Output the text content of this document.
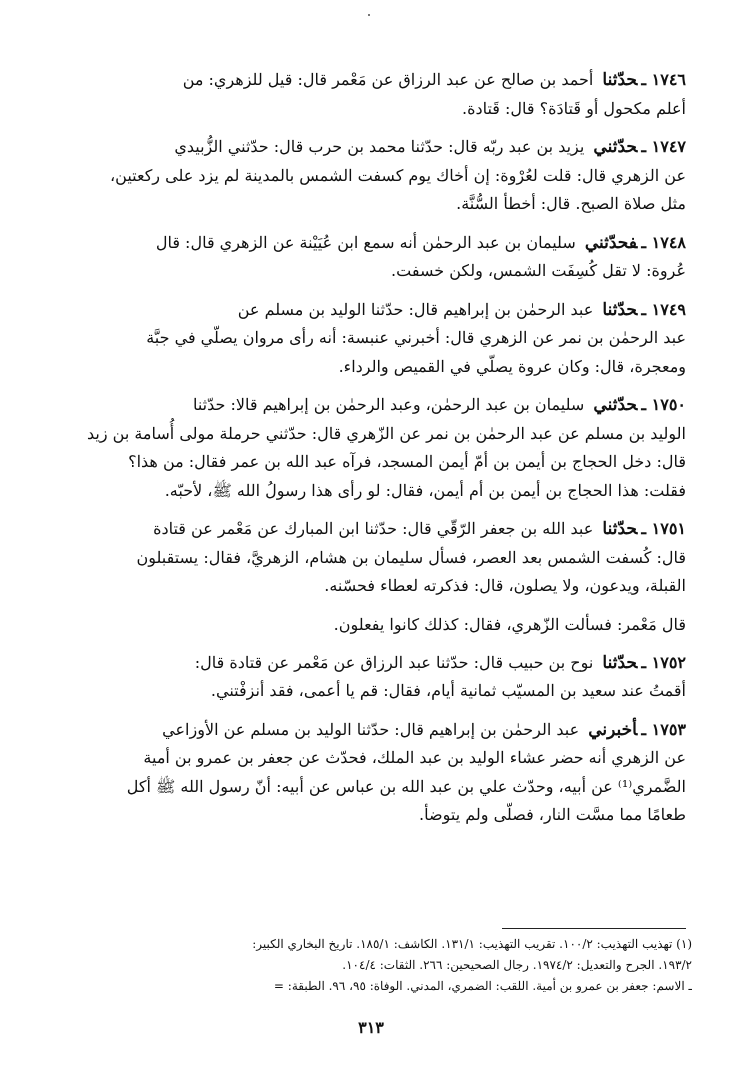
١٧٤٦ ـحدّثنا أحمد بن صالح عن عبد الرزاق عن مَعْمر قال: قيل للزهري: من

أعلم مكحول أو قَتادَة؟ قال: قَتادة.

١٧٤٧ ـحدّثني يزيد بن عبد ربّه قال: حدّثنا محمد بن حرب قال: حدّثني الزُّبيدي

عن الزهري قال: قلت لعُرْوة: إن أخاك يوم كسفت الشمس بالمدينة لم يزد على ركعتين،

مثل صلاة الصبح. قال: أخطأ السُّنَّة.

١٧٤٨ ـفحدّثني سليمان بن عبد الرحمٰن أنه سمع ابن عُيَيْنة عن الزهري قال: قال

عُروة: لا تقل كُسِفَت الشمس، ولكن خسفت.

١٧٤٩ ـحدّثنا عبد الرحمٰن بن إبراهيم قال: حدّثنا الوليد بن مسلم عن

عبد الرحمٰن بن نمر عن الزهري قال: أخبرني عنبسة: أنه رأى مروان يصلّي في جبَّة

ومعجرة، قال: وكان عروة يصلّي في القميص والرداء.

١٧٥٠ ـحدّثني سليمان بن عبد الرحمٰن، وعبد الرحمٰن بن إبراهيم قالا: حدّثنا

الوليد بن مسلم عن عبد الرحمٰن بن نمر عن الزّهري قال: حدّثني حرملة مولى أُسامة بن زيد

قال: دخل الحجاج بن أيمن بن أمّ أيمن المسجد، فرآه عبد الله بن عمر فقال: من هذا؟

فقلت: هذا الحجاج بن أيمن بن أم أيمن، فقال: لو رأى هذا رسولُ الله ﷺ، لأحبّه.

١٧٥١ ـحدّثنا عبد الله بن جعفر الرّقّي قال: حدّثنا ابن المبارك عن مَعْمر عن قتادة

قال: كُسفت الشمس بعد العصر، فسأل سليمان بن هشام، الزهريَّ، فقال: يستقبلون

القبلة، ويدعون، ولا يصلون، قال: فذكرته لعطاء فحسّنه.

قال مَعْمر: فسألت الزّهري، فقال: كذلك كانوا يفعلون.

١٧٥٢ ـحدّثنا نوح بن حبيب قال: حدّثنا عبد الرزاق عن مَعْمر عن قتادة قال:

أقمتُ عند سعيد بن المسيّب ثمانية أيام، فقال: قم يا أعمى، فقد أنزفْتني.

١٧٥٣ ـأخبرني عبد الرحمٰن بن إبراهيم قال: حدّثنا الوليد بن مسلم عن الأوزاعي

عن الزهري أنه حضر عشاء الوليد بن عبد الملك، فحدّث عن جعفر بن عمرو بن أمية

الضَّمري⁽¹⁾ عن أبيه، وحدّث علي بن عبد الله بن عباس عن أبيه: أنّ رسول الله ﷺ أكل

طعامًا مما مسَّت النار، فصلّى ولم يتوضأ.

(١) تهذيب التهذيب: ١٠٠/٢. تقريب التهذيب: ١٣١/١. الكاشف: ١٨٥/١. تاريخ البخاري الكبير:
١٩٣/٢. الجرح والتعديل: ١٩٧٤/٢. رجال الصحيحين: ٢٦٦. الثقات: ١٠٤/٤.
ـ الاسم: جعفر بن عمرو بن أمية. اللقب: الضمري، المدني. الوفاة: ٩٥، ٩٦. الطبقة: =
٣١٣
